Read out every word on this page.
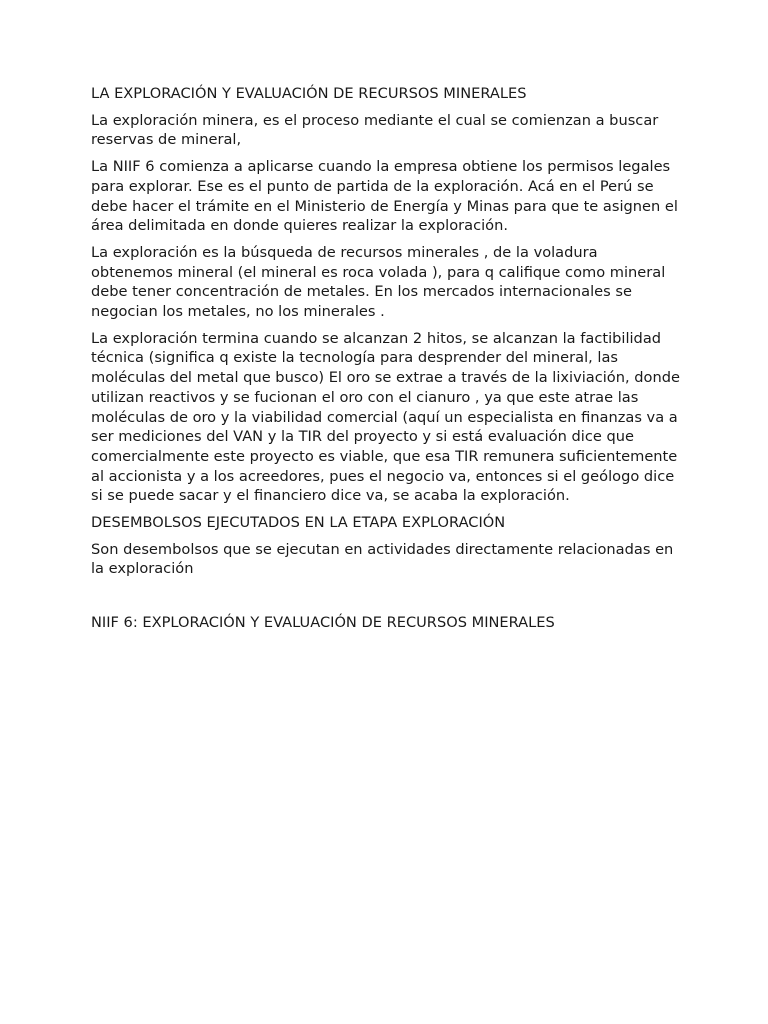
LA EXPLORACIÓN Y EVALUACIÓN DE RECURSOS MINERALES

La exploración minera, es el proceso mediante el cual se comienzan a buscar reservas de mineral,

La NIIF 6 comienza a aplicarse cuando la empresa obtiene los permisos legales para explorar. Ese es el punto de partida de la exploración. Acá en el Perú se debe hacer el trámite en el Ministerio de Energía y Minas para que te asignen el área delimitada en donde quieres realizar la exploración.

La exploración es la búsqueda de recursos minerales , de la voladura obtenemos mineral (el mineral es roca volada ), para q califique como mineral debe tener concentración de metales. En los mercados internacionales se negocian los metales, no los minerales .

La exploración termina cuando se alcanzan 2 hitos, se alcanzan la factibilidad técnica (significa q existe la tecnología para desprender del mineral, las moléculas del metal que busco) El oro se extrae a través de la lixiviación, donde utilizan reactivos y se fucionan el oro con el cianuro , ya que este atrae las moléculas de oro y la viabilidad comercial (aquí un especialista en finanzas va a ser mediciones del VAN y la TIR del proyecto y si está evaluación dice que comercialmente este proyecto es viable, que esa TIR remunera suficientemente al accionista y a los acreedores, pues el negocio va, entonces si el geólogo dice si se puede sacar y el financiero dice va, se acaba la exploración.

DESEMBOLSOS EJECUTADOS EN LA ETAPA EXPLORACIÓN

Son desembolsos que se ejecutan en actividades directamente relacionadas en la exploración

NIIF 6: EXPLORACIÓN Y EVALUACIÓN DE RECURSOS MINERALES
